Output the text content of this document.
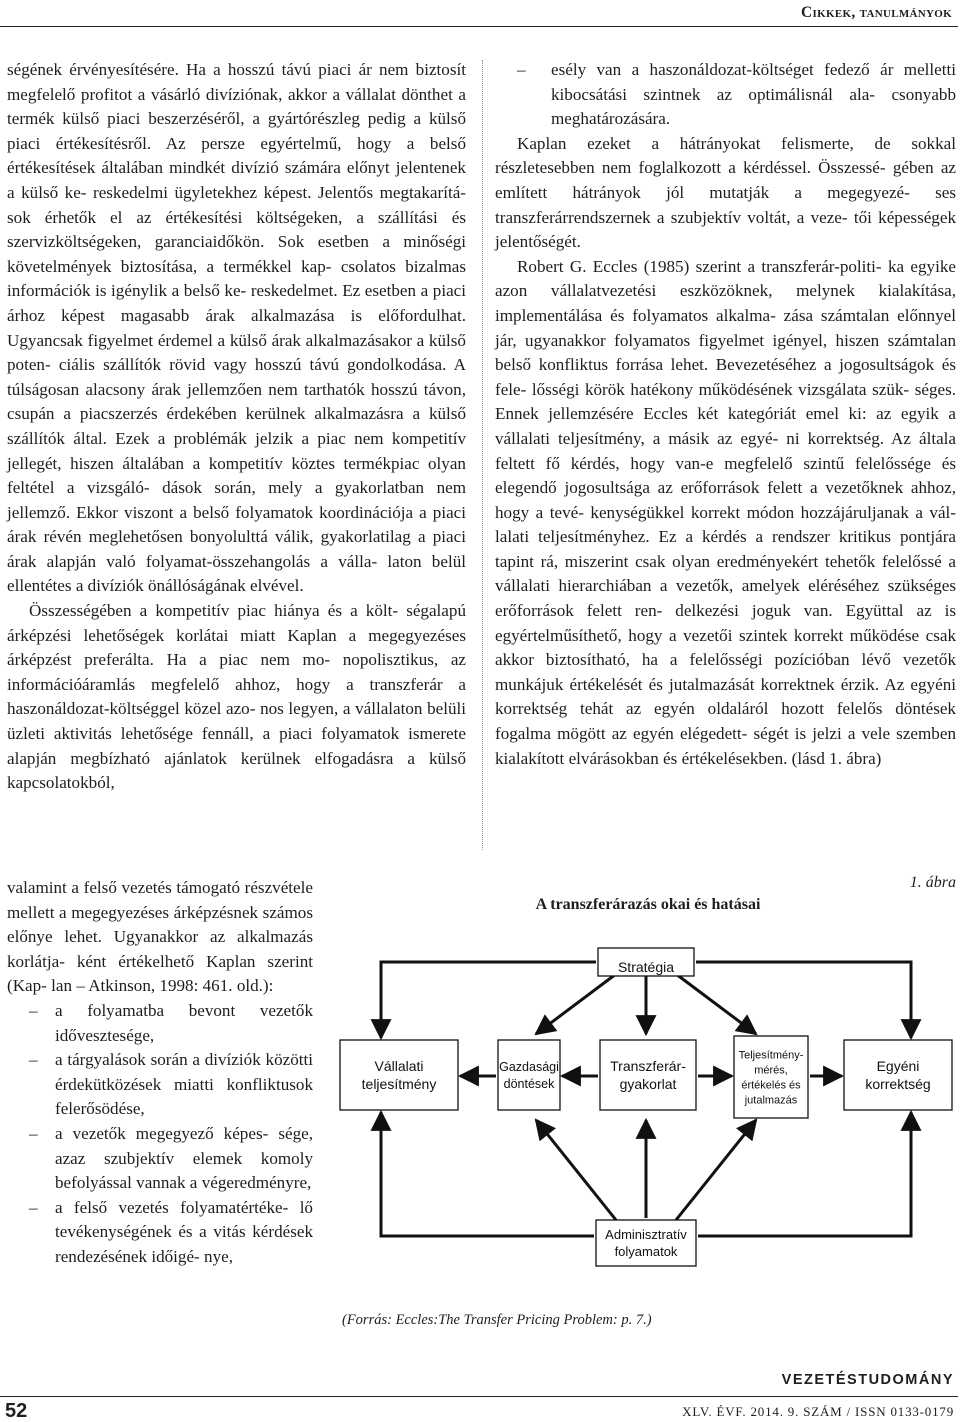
Cikkek, tanulmányok

ségének érvényesítésére. Ha a hosszú távú piaci ár nem biztosít megfelelő profitot a vásárló divíziónak, akkor a vállalat dönthet a termék külső piaci beszerzéséről, a gyártórészleg pedig a külső piaci értékesítésről. Az persze egyértelmű, hogy a belső értékesítések általában mindkét divízió számára előnyt jelentenek a külső ke- reskedelmi ügyletekhez képest. Jelentős megtakarítá- sok érhetők el az értékesítési költségeken, a szállítási és szervizköltségeken, garanciaidőkön. Sok esetben a minőségi követelmények biztosítása, a termékkel kap- csolatos bizalmas információk is igénylik a belső ke- reskedelmet. Ez esetben a piaci árhoz képest magasabb árak alkalmazása is előfordulhat. Ugyancsak figyelmet érdemel a külső árak alkalmazásakor a külső poten- ciális szállítók rövid vagy hosszú távú gondolkodása. A túlságosan alacsony árak jellemzően nem tarthatók hosszú távon, csupán a piacszerzés érdekében kerülnek alkalmazásra a külső szállítók által. Ezek a problémák jelzik a piac nem kompetitív jellegét, hiszen általában a kompetitív köztes termékpiac olyan feltétel a vizsgáló- dások során, mely a gyakorlatban nem jellemző. Ekkor viszont a belső folyamatok koordinációja a piaci árak révén meglehetősen bonyolulttá válik, gyakorlatilag a piaci árak alapján való folyamat-összehangolás a válla- laton belül ellentétes a divíziók önállóságának elvével.

Összességében a kompetitív piac hiánya és a költ- ségalapú árképzési lehetőségek korlátai miatt Kaplan a megegyezéses árképzést preferálta. Ha a piac nem mo- nopolisztikus, az információáramlás megfelelő ahhoz, hogy a transzferár a haszonáldozat-költséggel közel azo- nos legyen, a vállalaton belüli üzleti aktivitás lehetősége fennáll, a piaci folyamatok ismerete alapján megbízható ajánlatok kerülnek elfogadásra a külső kapcsolatokból,

valamint a felső vezetés támogató részvétele mellett a megegyezéses árképzésnek számos előnye lehet. Ugyanakkor az alkalmazás korlátja- ként értékelhető Kaplan szerint (Kap- lan – Atkinson, 1998: 461. old.):

–	a folyamatba bevont vezetők idővesztesége,
–	a tárgyalások során a divíziók közötti érdekütközések miatti konfliktusok felerősödése,
–	a vezetők megegyező képes- sége, azaz szubjektív elemek komoly befolyással vannak a végeredményre,
–	a felső vezetés folyamatértéke- lő tevékenységének és a vitás kérdések rendezésének időigé- nye,
–	esély van a haszonáldozat-költséget fedező ár melletti kibocsátási szintnek az optimálisnál ala- csonyabb meghatározására.

Kaplan ezeket a hátrányokat felismerte, de sokkal részletesebben nem foglalkozott a kérdéssel. Összessé- gében az említett hátrányok jól mutatják a megegyezé- ses transzferárrendszernek a szubjektív voltát, a veze- tői képességek jelentőségét.

Robert G. Eccles (1985) szerint a transzferár-politi- ka egyike azon vállalatvezetési eszközöknek, melynek kialakítása, implementálása és folyamatos alkalma- zása számtalan előnnyel jár, ugyanakkor folyamatos figyelmet igényel, hiszen számtalan belső konfliktus forrása lehet. Bevezetéséhez a jogosultságok és fele- lősségi körök hatékony működésének vizsgálata szük- séges. Ennek jellemzésére Eccles két kategóriát emel ki: az egyik a vállalati teljesítmény, a másik az egyé- ni korrektség. Az általa feltett fő kérdés, hogy van-e megfelelő szintű felelőssége és elegendő jogosultsága az erőforrások felett a vezetőknek ahhoz, hogy a tevé- kenységükkel korrekt módon hozzájáruljanak a vál- lalati teljesítményhez. Ez a kérdés a rendszer kritikus pontjára tapint rá, miszerint csak olyan eredményekért tehetők felelőssé a vállalati hierarchiában a vezetők, amelyek eléréséhez szükséges erőforrások felett ren- delkezési joguk van. Együttal az is egyértelműsíthető, hogy a vezetői szintek korrekt működése csak akkor biztosítható, ha a felelősségi pozícióban lévő vezetők munkájuk értékelését és jutalmazását korrektnek érzik. Az egyéni korrektség tehát az egyén oldaláról hozott felelős döntések fogalma mögött az egyén elégedett- ségét is jelzi a vele szemben kialakított elvárásokban és értékelésekben. (lásd 1. ábra)

1. ábra
A transzferárazás okai és hatásai
Stratégia
Vállalati
teljesítmény
Gazdasági
döntések
Transzferár-
gyakorlat
Teljesítmény-
mérés,
értékelés és
jutalmazás
Egyéni
korrektség
Adminisztratív
folyamatok
(Forrás: Eccles:The Transfer Pricing Problem: p. 7.)
VEZETÉSTUDOMÁNY
52	XLV. ÉVF. 2014. 9. SZÁM / ISSN 0133-0179
